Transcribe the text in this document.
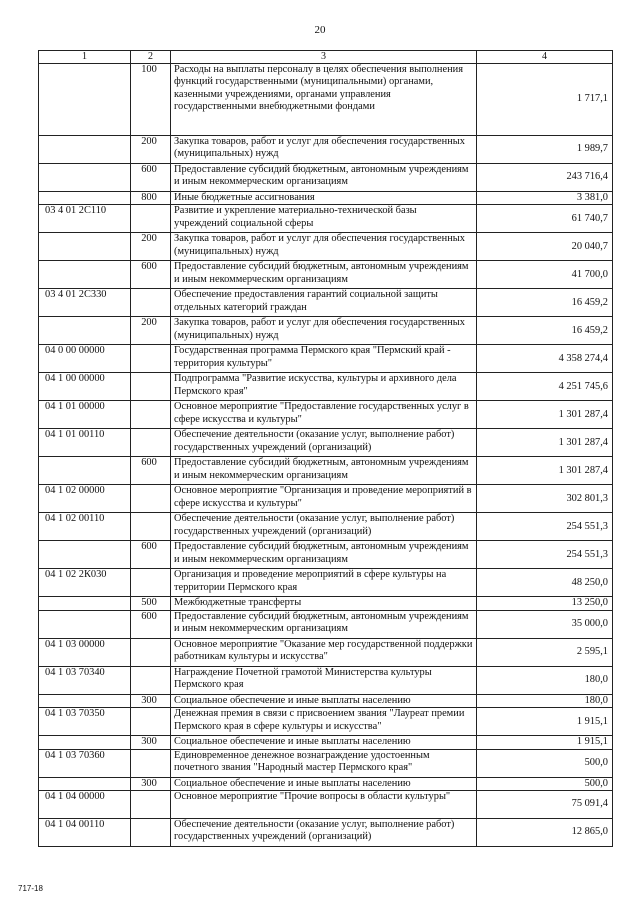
20
1	2	3	4
	100	Расходы на выплаты персоналу в целях обеспечения выполнения функций государственными (муниципальными) органами, казенными учреждениями, органами управления государственными внебюджетными фондами	1 717,1
	200	Закупка товаров, работ и услуг для обеспечения государственных (муниципальных) нужд	1 989,7
	600	Предоставление субсидий бюджетным, автономным учреждениям и иным некоммерческим организациям	243 716,4
	800	Иные бюджетные ассигнования	3 381,0
03 4 01 2С110		Развитие и укрепление материально-технической базы учреждений социальной сферы	61 740,7
	200	Закупка товаров, работ и услуг для обеспечения государственных (муниципальных) нужд	20 040,7
	600	Предоставление субсидий бюджетным, автономным учреждениям и иным некоммерческим организациям	41 700,0
03 4 01 2С330		Обеспечение предоставления гарантий социальной защиты отдельных категорий граждан	16 459,2
	200	Закупка товаров, работ и услуг для обеспечения государственных (муниципальных) нужд	16 459,2
04 0 00 00000		Государственная программа Пермского края "Пермский край - территория культуры"	4 358 274,4
04 1 00 00000		Подпрограмма "Развитие искусства, культуры и архивного дела Пермского края"	4 251 745,6
04 1 01 00000		Основное мероприятие "Предоставление государственных услуг в сфере искусства и культуры"	1 301 287,4
04 1 01 00110		Обеспечение деятельности (оказание услуг, выполнение работ) государственных учреждений (организаций)	1 301 287,4
	600	Предоставление субсидий бюджетным, автономным учреждениям и иным некоммерческим организациям	1 301 287,4
04 1 02 00000		Основное мероприятие "Организация и проведение мероприятий в сфере искусства и культуры"	302 801,3
04 1 02 00110		Обеспечение деятельности (оказание услуг, выполнение работ) государственных учреждений (организаций)	254 551,3
	600	Предоставление субсидий бюджетным, автономным учреждениям и иным некоммерческим организациям	254 551,3
04 1 02 2К030		Организация и проведение мероприятий в сфере культуры на территории Пермского края	48 250,0
	500	Межбюджетные трансферты	13 250,0
	600	Предоставление субсидий бюджетным, автономным учреждениям и иным некоммерческим организациям	35 000,0
04 1 03 00000		Основное мероприятие "Оказание мер государственной поддержки работникам культуры и искусства"	2 595,1
04 1 03 70340		Награждение Почетной грамотой Министерства культуры Пермского края	180,0
	300	Социальное обеспечение и иные выплаты населению	180,0
04 1 03 70350		Денежная премия в связи с присвоением звания "Лауреат премии Пермского края в сфере культуры и искусства"	1 915,1
	300	Социальное обеспечение и иные выплаты населению	1 915,1
04 1 03 70360		Единовременное денежное вознаграждение удостоенным почетного звания "Народный мастер Пермского края"	500,0
	300	Социальное обеспечение и иные выплаты населению	500,0
04 1 04 00000		Основное мероприятие "Прочие вопросы в области культуры"	75 091,4
04 1 04 00110		Обеспечение деятельности (оказание услуг, выполнение работ) государственных учреждений (организаций)	12 865,0
717-18
